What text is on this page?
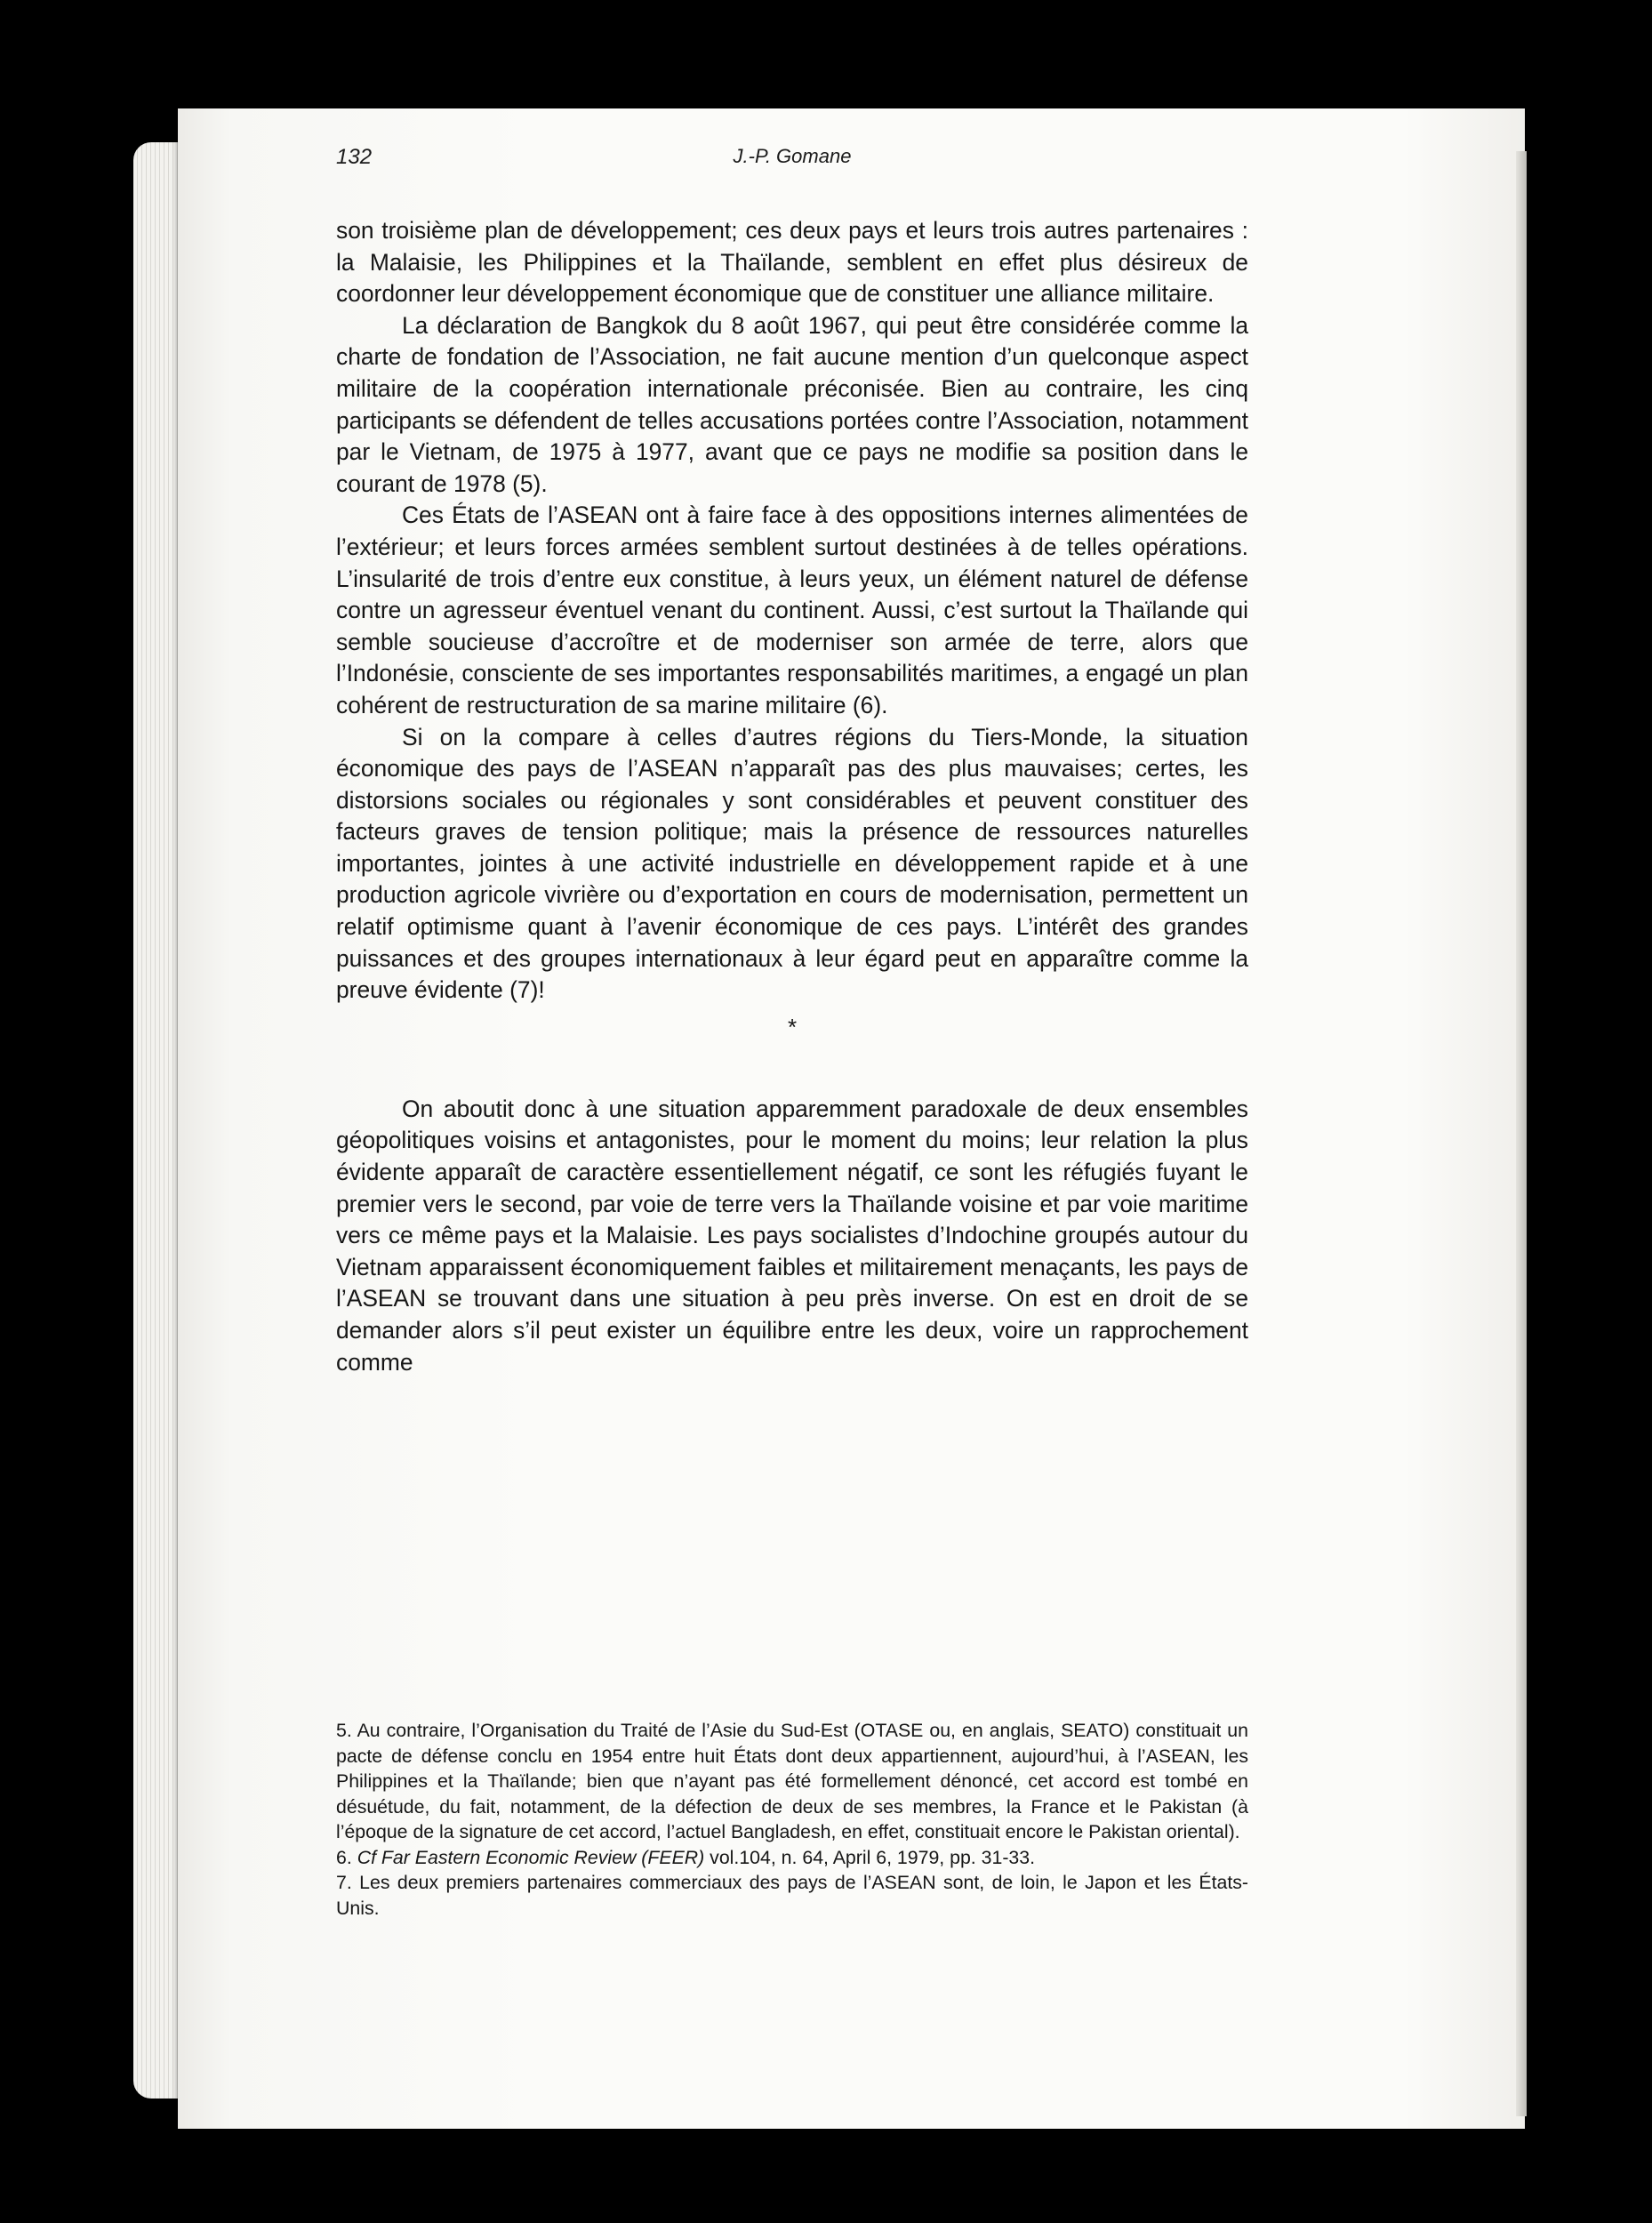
132	J.-P. Gomane

son troisième plan de développement; ces deux pays et leurs trois autres partenaires : la Malaisie, les Philippines et la Thaïlande, semblent en effet plus désireux de coordonner leur développement économique que de constituer une alliance militaire.

La déclaration de Bangkok du 8 août 1967, qui peut être considérée comme la charte de fondation de l’Association, ne fait aucune mention d’un quelconque aspect militaire de la coopération internationale préconisée. Bien au contraire, les cinq participants se défendent de telles accusations portées contre l’Association, notamment par le Vietnam, de 1975 à 1977, avant que ce pays ne modifie sa position dans le courant de 1978 (5).

Ces États de l’ASEAN ont à faire face à des oppositions internes alimentées de l’extérieur; et leurs forces armées semblent surtout destinées à de telles opérations. L’insularité de trois d’entre eux constitue, à leurs yeux, un élément naturel de défense contre un agresseur éventuel venant du continent. Aussi, c’est surtout la Thaïlande qui semble soucieuse d’accroître et de moderniser son armée de terre, alors que l’Indonésie, consciente de ses importantes responsabilités maritimes, a engagé un plan cohérent de restructuration de sa marine militaire (6).

Si on la compare à celles d’autres régions du Tiers-Monde, la situation économique des pays de l’ASEAN n’apparaît pas des plus mauvaises; certes, les distorsions sociales ou régionales y sont considérables et peuvent constituer des facteurs graves de tension politique; mais la présence de ressources naturelles importantes, jointes à une activité industrielle en développement rapide et à une production agricole vivrière ou d’exportation en cours de modernisation, permettent un relatif optimisme quant à l’avenir économique de ces pays. L’intérêt des grandes puissances et des groupes internationaux à leur égard peut en apparaître comme la preuve évidente (7)!

*

On aboutit donc à une situation apparemment paradoxale de deux ensembles géopolitiques voisins et antagonistes, pour le moment du moins; leur relation la plus évidente apparaît de caractère essentiellement négatif, ce sont les réfugiés fuyant le premier vers le second, par voie de terre vers la Thaïlande voisine et par voie maritime vers ce même pays et la Malaisie. Les pays socialistes d’Indochine groupés autour du Vietnam apparaissent économiquement faibles et militairement menaçants, les pays de l’ASEAN se trouvant dans une situation à peu près inverse. On est en droit de se demander alors s’il peut exister un équilibre entre les deux, voire un rapprochement comme

5. Au contraire, l’Organisation du Traité de l’Asie du Sud-Est (OTASE ou, en anglais, SEATO) constituait un pacte de défense conclu en 1954 entre huit États dont deux appartiennent, aujourd’hui, à l’ASEAN, les Philippines et la Thaïlande; bien que n’ayant pas été formellement dénoncé, cet accord est tombé en désuétude, du fait, notamment, de la défection de deux de ses membres, la France et le Pakistan (à l’époque de la signature de cet accord, l’actuel Bangladesh, en effet, constituait encore le Pakistan oriental).

6. Cf Far Eastern Economic Review (FEER) vol.104, n. 64, April 6, 1979, pp. 31-33.

7. Les deux premiers partenaires commerciaux des pays de l’ASEAN sont, de loin, le Japon et les États-Unis.
